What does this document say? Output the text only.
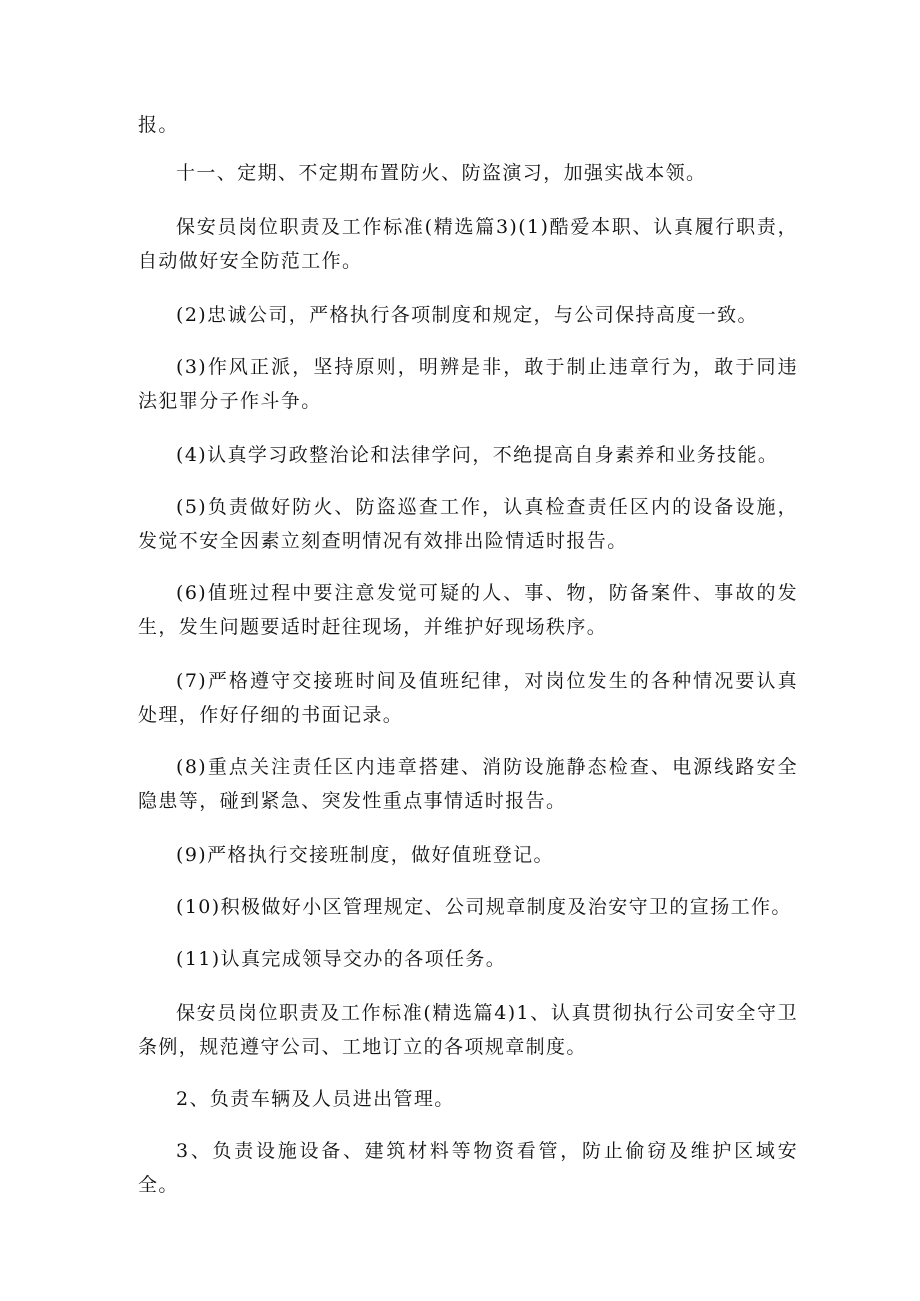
报。

十一、定期、不定期布置防火、防盗演习，加强实战本领。

保安员岗位职责及工作标准(精选篇3)(1)酷爱本职、认真履行职责，自动做好安全防范工作。

(2)忠诚公司，严格执行各项制度和规定，与公司保持高度一致。

(3)作风正派，坚持原则，明辨是非，敢于制止违章行为，敢于同违法犯罪分子作斗争。

(4)认真学习政整治论和法律学问，不绝提高自身素养和业务技能。

(5)负责做好防火、防盗巡查工作，认真检查责任区内的设备设施，发觉不安全因素立刻查明情况有效排出险情适时报告。

(6)值班过程中要注意发觉可疑的人、事、物，防备案件、事故的发生，发生问题要适时赶往现场，并维护好现场秩序。

(7)严格遵守交接班时间及值班纪律，对岗位发生的各种情况要认真处理，作好仔细的书面记录。

(8)重点关注责任区内违章搭建、消防设施静态检查、电源线路安全隐患等，碰到紧急、突发性重点事情适时报告。

(9)严格执行交接班制度，做好值班登记。

(10)积极做好小区管理规定、公司规章制度及治安守卫的宣扬工作。

(11)认真完成领导交办的各项任务。

保安员岗位职责及工作标准(精选篇4)1、认真贯彻执行公司安全守卫条例，规范遵守公司、工地订立的各项规章制度。

2、负责车辆及人员进出管理。

3、负责设施设备、建筑材料等物资看管，防止偷窃及维护区域安全。
